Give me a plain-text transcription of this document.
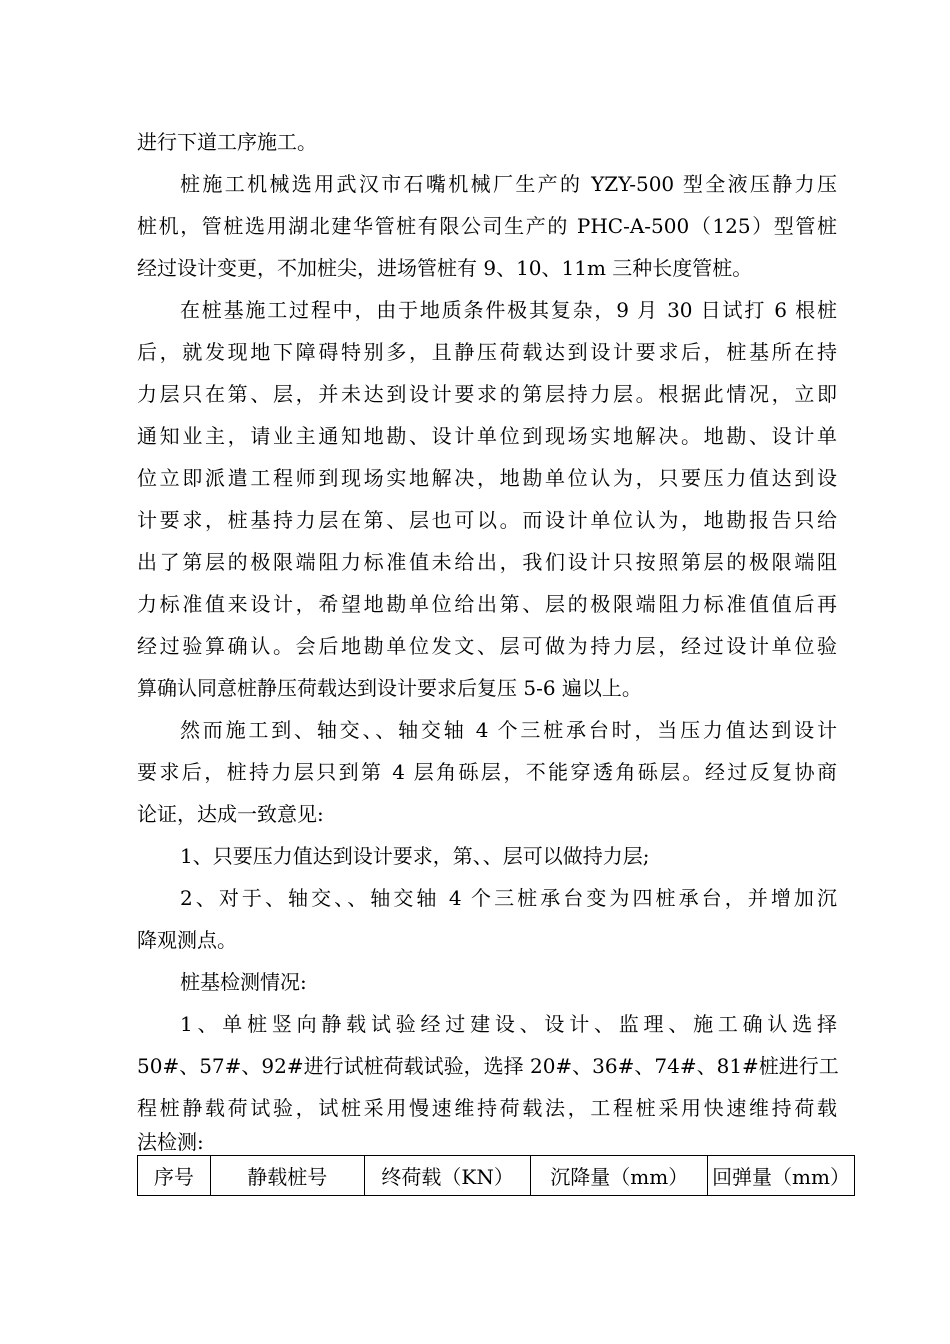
进行下道工序施工。
桩施工机械选用武汉市石嘴机械厂生产的 YZY-500 型全液压静力压
桩机，管桩选用湖北建华管桩有限公司生产的 PHC-A-500（125）型管桩
经过设计变更，不加桩尖，进场管桩有 9、10、11m 三种长度管桩。
在桩基施工过程中，由于地质条件极其复杂，9 月 30 日试打 6 根桩
后，就发现地下障碍特别多，且静压荷载达到设计要求后，桩基所在持
力层只在第、层，并未达到设计要求的第层持力层。根据此情况，立即
通知业主，请业主通知地勘、设计单位到现场实地解决。地勘、设计单
位立即派遣工程师到现场实地解决，地勘单位认为，只要压力值达到设
计要求，桩基持力层在第、层也可以。而设计单位认为，地勘报告只给
出了第层的极限端阻力标准值未给出，我们设计只按照第层的极限端阻
力标准值来设计，希望地勘单位给出第、层的极限端阻力标准值值后再
经过验算确认。会后地勘单位发文、层可做为持力层，经过设计单位验
算确认同意桩静压荷载达到设计要求后复压 5-6 遍以上。
然而施工到、轴交、、轴交轴 4 个三桩承台时，当压力值达到设计
要求后，桩持力层只到第 4 层角砾层，不能穿透角砾层。经过反复协商
论证，达成一致意见:
1、只要压力值达到设计要求，第、、层可以做持力层;
2、对于、轴交、、轴交轴 4 个三桩承台变为四桩承台，并增加沉
降观测点。
桩基检测情况:
1、单桩竖向静载试验经过建设、设计、监理、施工确认选择
50#、57#、92#进行试桩荷载试验，选择 20#、36#、74#、81#桩进行工
程桩静载荷试验，试桩采用慢速维持荷载法，工程桩采用快速维持荷载
法检测:
序号	静载桩号	终荷载（KN）	沉降量（mm）	回弹量（mm）
